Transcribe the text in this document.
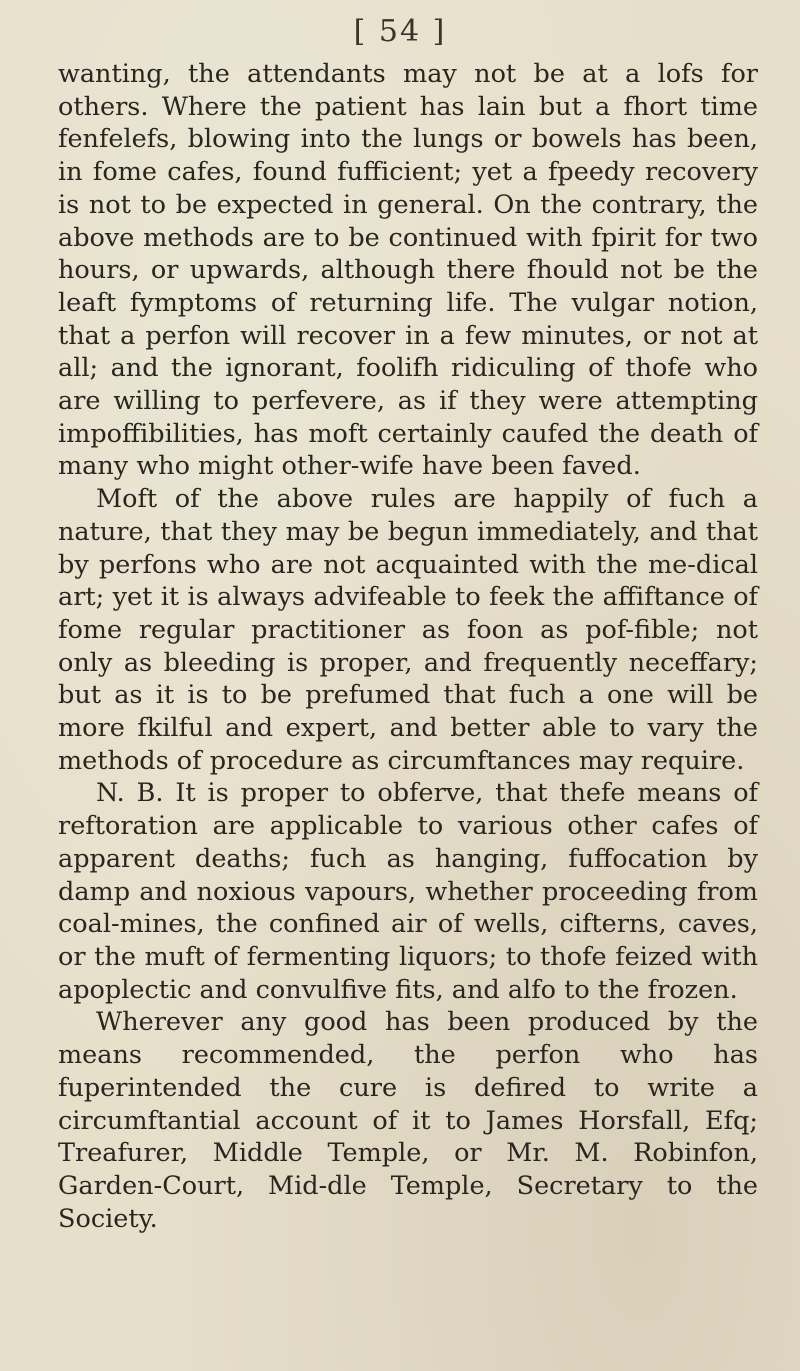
[ 54 ]

wanting, the attendants may not be at a lofs for others. Where the patient has lain but a fhort time fenfelefs, blowing into the lungs or bowels has been, in fome cafes, found fufficient; yet a fpeedy recovery is not to be expected in general. On the contrary, the above methods are to be continued with fpirit for two hours, or upwards, although there fhould not be the leaft fymptoms of returning life. The vulgar notion, that a perfon will recover in a few minutes, or not at all; and the ignorant, foolifh ridiculing of thofe who are willing to perfevere, as if they were attempting impoffibilities, has moft certainly caufed the death of many who might other-wife have been faved.

Moft of the above rules are happily of fuch a nature, that they may be begun immediately, and that by perfons who are not acquainted with the me-dical art; yet it is always advifeable to feek the affiftance of fome regular practitioner as foon as pof-fible; not only as bleeding is proper, and frequently neceffary; but as it is to be prefumed that fuch a one will be more fkilful and expert, and better able to vary the methods of procedure as circumftances may require.

N. B. It is proper to obferve, that thefe means of reftoration are applicable to various other cafes of apparent deaths; fuch as hanging, fuffocation by damp and noxious vapours, whether proceeding from coal-mines, the confined air of wells, cifterns, caves, or the muft of fermenting liquors; to thofe feized with apoplectic and convulfive fits, and alfo to the frozen.

Wherever any good has been produced by the means recommended, the perfon who has fuperintended the cure is defired to write a circumftantial account of it to James Horsfall, Efq; Treafurer, Middle Temple, or Mr. M. Robinfon, Garden-Court, Mid-dle Temple, Secretary to the Society.
